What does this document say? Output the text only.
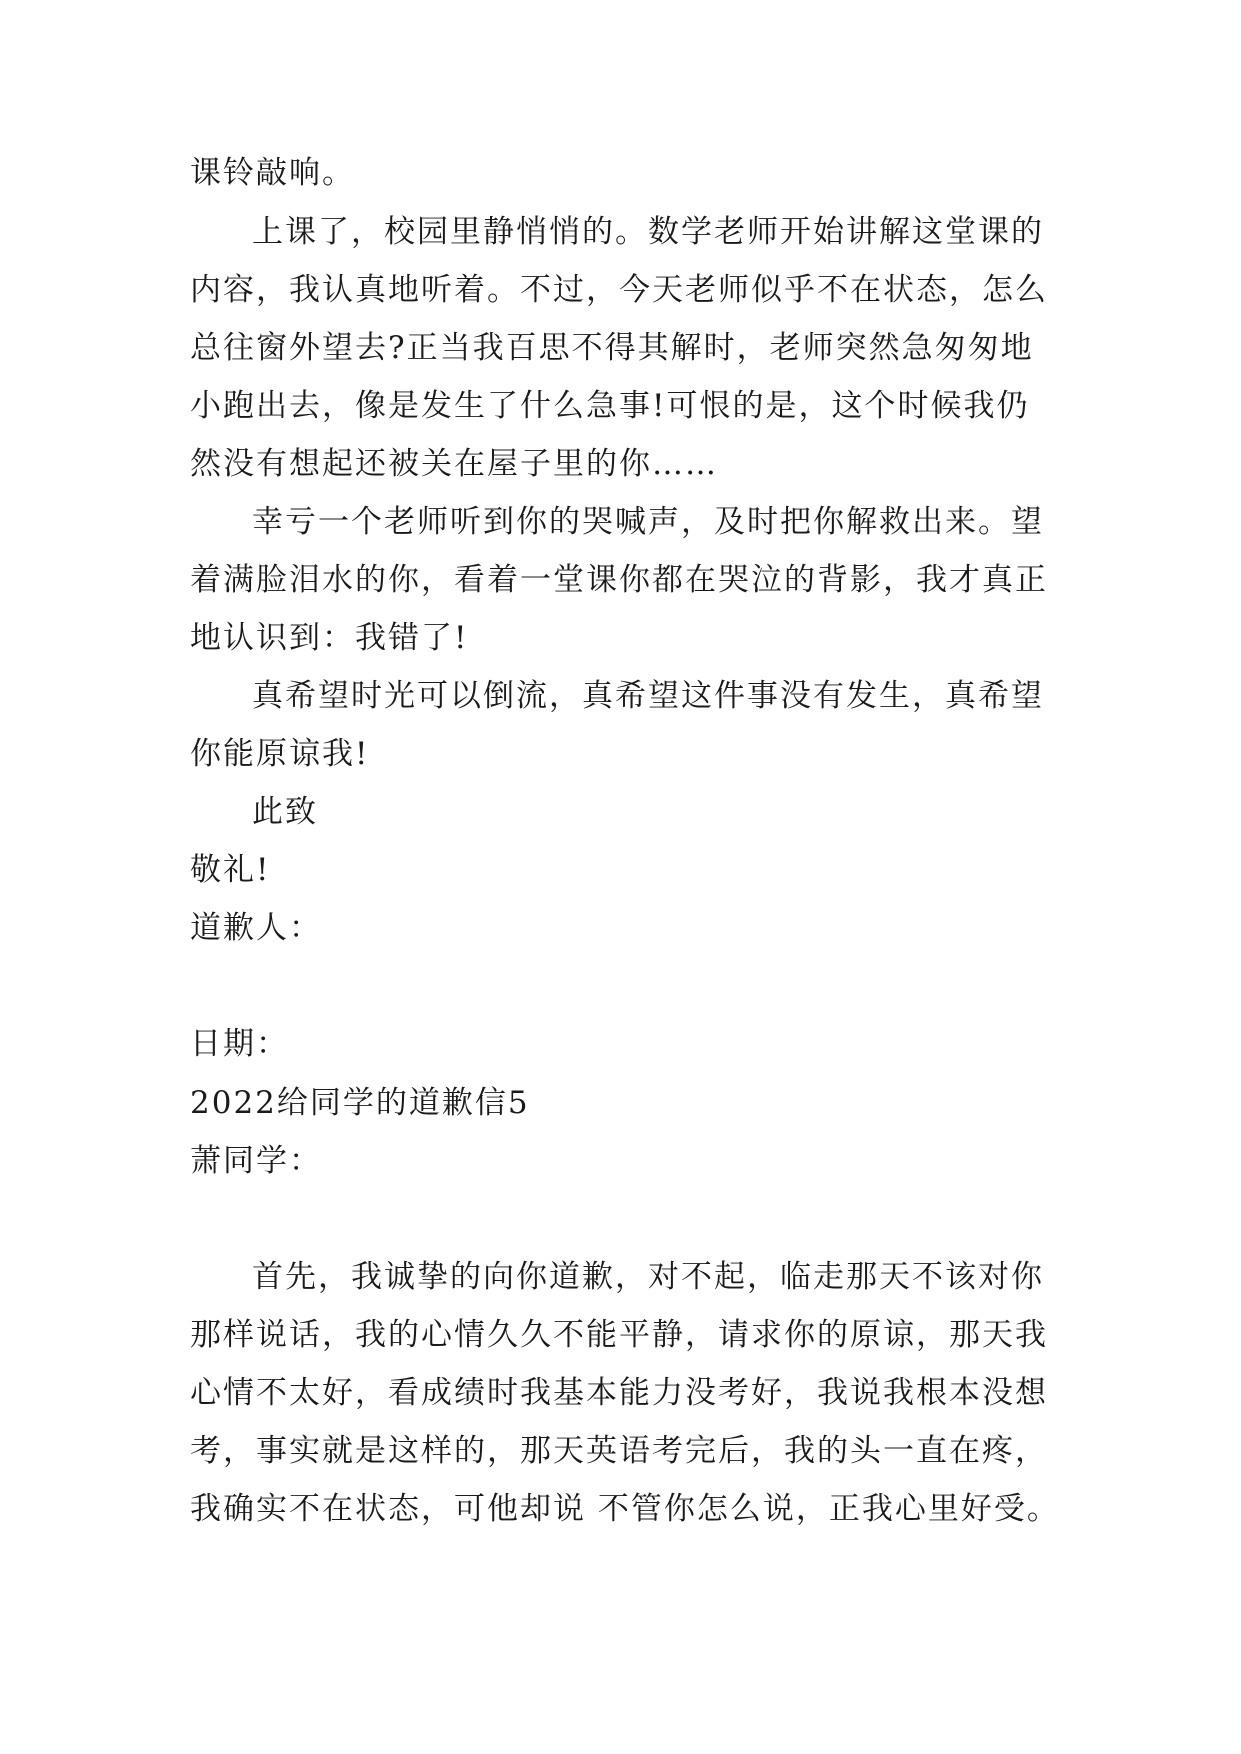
课铃敲响。
上课了，校园里静悄悄的。数学老师开始讲解这堂课的
内容，我认真地听着。不过，今天老师似乎不在状态，怎么
总往窗外望去?正当我百思不得其解时，老师突然急匆匆地
小跑出去，像是发生了什么急事!可恨的是，这个时候我仍
然没有想起还被关在屋子里的你……
幸亏一个老师听到你的哭喊声，及时把你解救出来。望
着满脸泪水的你，看着一堂课你都在哭泣的背影，我才真正
地认识到：我错了!
真希望时光可以倒流，真希望这件事没有发生，真希望
你能原谅我!
此致
敬礼!
道歉人：
日期：
2022给同学的道歉信5
萧同学：
首先，我诚挚的向你道歉，对不起，临走那天不该对你
那样说话，我的心情久久不能平静，请求你的原谅，那天我
心情不太好，看成绩时我基本能力没考好，我说我根本没想
考，事实就是这样的，那天英语考完后，我的头一直在疼，
我确实不在状态，可他却说 不管你怎么说，正我心里好受。
